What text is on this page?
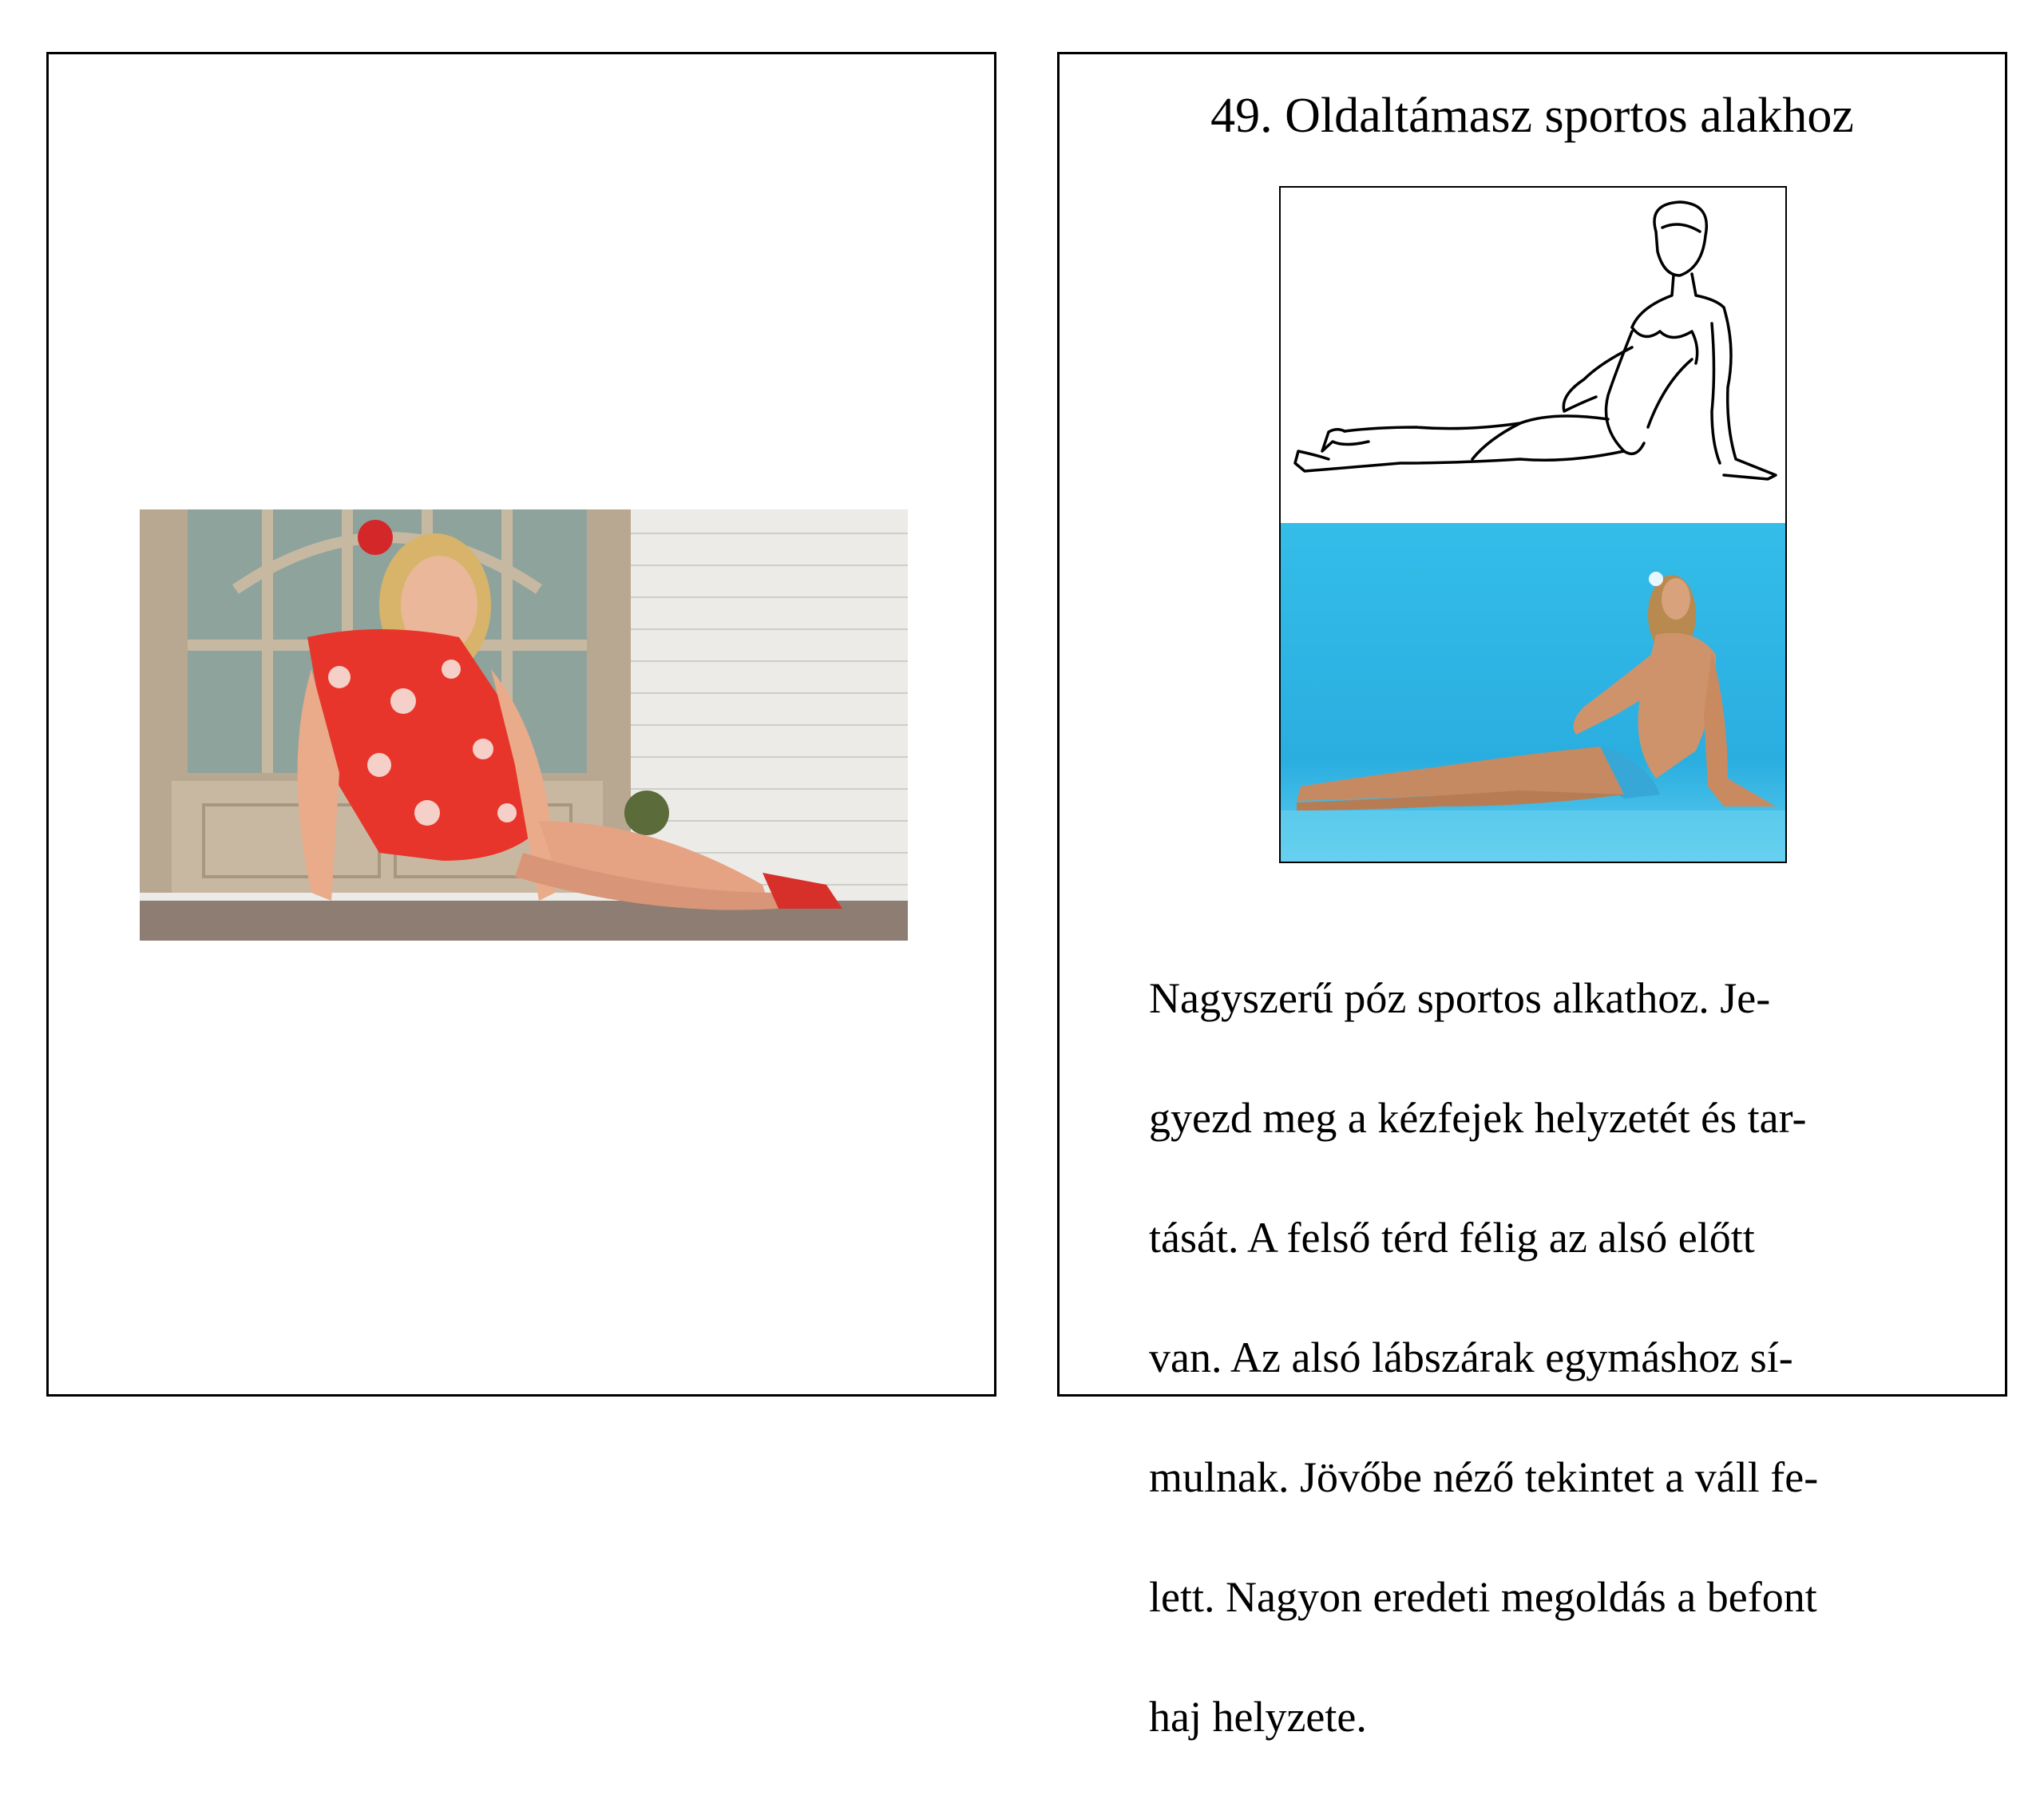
49. Oldaltámasz sportos alakhoz

Nagyszerű póz sportos alkathoz. Je-

gyezd meg a kézfejek helyzetét és tar-

tását. A felső térd félig az alsó előtt

van. Az alsó lábszárak egymáshoz sí-

mulnak. Jövőbe néző tekintet a váll fe-

lett. Nagyon eredeti megoldás a befont

haj helyzete.
